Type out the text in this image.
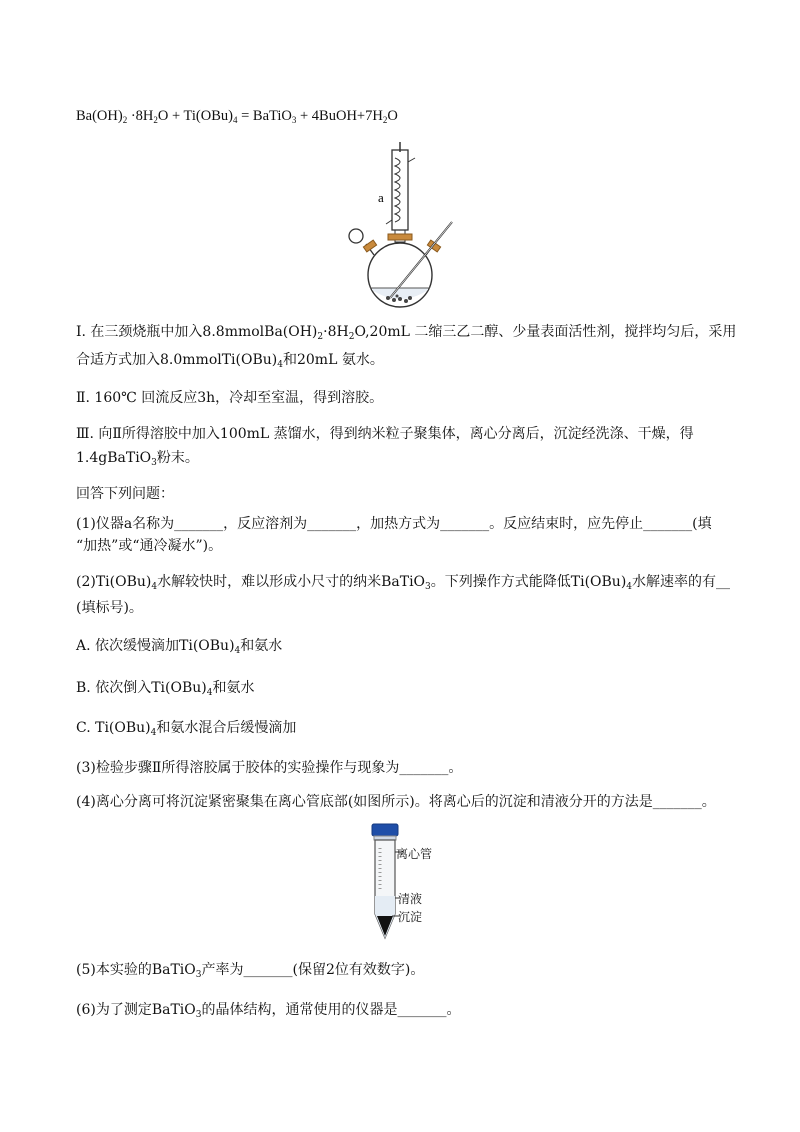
$Ba(OH)_2 \cdot 8H_2O + Ti(OBu)_4$ = BaTiO$_3$ + $4BuOH+7H_2O$
a
Ⅰ. 在三颈烧瓶中加入$8.8mmolBa(OH)_2\cdot 8H_2O,20mL$ 二缩三乙二醇、少量表面活性剂，搅拌均匀后，采用
合适方式加入$8.0mmolTi(OBu)_4$和20mL 氨水。
Ⅱ. 160℃ 回流反应3h，冷却至室温，得到溶胶。
Ⅲ. 向Ⅱ所得溶胶中加入100mL 蒸馏水，得到纳米粒子聚集体，离心分离后，沉淀经洗涤、干燥，得
1.4gBaTiO$_3$粉末。
回答下列问题：
(1)仪器a名称为_______，反应溶剂为_______，加热方式为_______。反应结束时，应先停止_______(填
“加热”或“通冷凝水”)。
$(2)Ti(OBu)_4$水解较快时，难以形成小尺寸的纳米BaTiO$_3$。下列操作方式能降低$Ti(OBu)_4$水解速率的有__
(填标号)。
A. 依次缓慢滴加$Ti(OBu)_4$和氨水
B. 依次倒入$Ti(OBu)_4$和氨水
C. $Ti(OBu)_4$和氨水混合后缓慢滴加
(3)检验步骤Ⅱ所得溶胶属于胶体的实验操作与现象为_______。
(4)离心分离可将沉淀紧密聚集在离心管底部(如图所示)。将离心后的沉淀和清液分开的方法是_______。
离心管
清液
沉淀
(5)本实验的BaTiO$_3$产率为_______(保留2位有效数字)。
(6)为了测定BaTiO$_3$的晶体结构，通常使用的仪器是_______。
